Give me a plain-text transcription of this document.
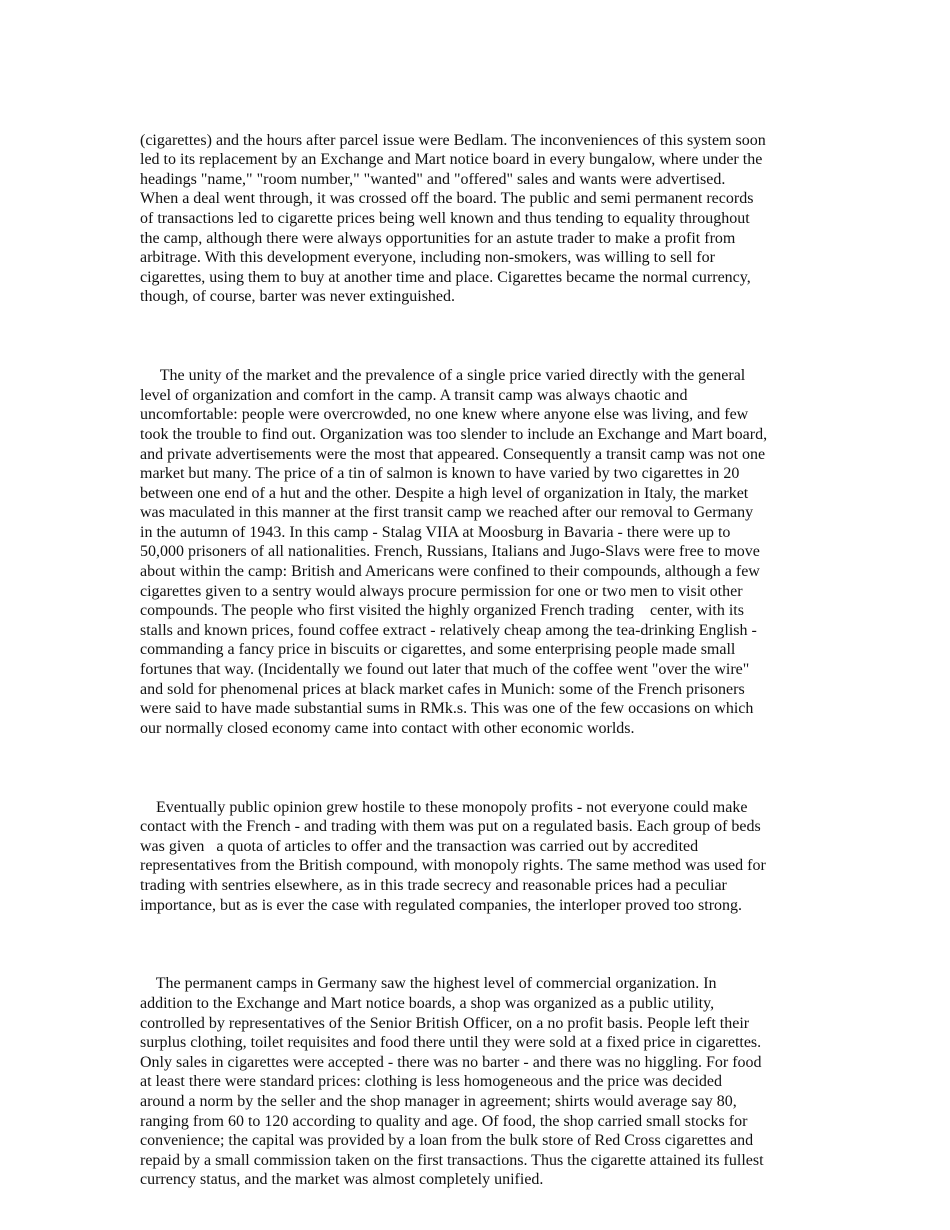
(cigarettes) and the hours after parcel issue were Bedlam. The inconveniences of this system soon
led to its replacement by an Exchange and Mart notice board in every bungalow, where under the
headings "name," "room number," "wanted" and "offered" sales and wants were advertised.
When a deal went through, it was crossed off the board. The public and semi permanent records
of transactions led to cigarette prices being well known and thus tending to equality throughout
the camp, although there were always opportunities for an astute trader to make a profit from
arbitrage. With this development everyone, including non-smokers, was willing to sell for
cigarettes, using them to buy at another time and place. Cigarettes became the normal currency,
though, of course, barter was never extinguished.

The unity of the market and the prevalence of a single price varied directly with the general
level of organization and comfort in the camp. A transit camp was always chaotic and
uncomfortable: people were overcrowded, no one knew where anyone else was living, and few
took the trouble to find out. Organization was too slender to include an Exchange and Mart board,
and private advertisements were the most that appeared. Consequently a transit camp was not one
market but many. The price of a tin of salmon is known to have varied by two cigarettes in 20
between one end of a hut and the other. Despite a high level of organization in Italy, the market
was maculated in this manner at the first transit camp we reached after our removal to Germany
in the autumn of 1943. In this camp - Stalag VIIA at Moosburg in Bavaria - there were up to
50,000 prisoners of all nationalities. French, Russians, Italians and Jugo-Slavs were free to move
about within the camp: British and Americans were confined to their compounds, although a few
cigarettes given to a sentry would always procure permission for one or two men to visit other
compounds. The people who first visited the highly organized French trading    center, with its
stalls and known prices, found coffee extract - relatively cheap among the tea-drinking English -
commanding a fancy price in biscuits or cigarettes, and some enterprising people made small
fortunes that way. (Incidentally we found out later that much of the coffee went "over the wire"
and sold for phenomenal prices at black market cafes in Munich: some of the French prisoners
were said to have made substantial sums in RMk.s. This was one of the few occasions on which
our normally closed economy came into contact with other economic worlds.

Eventually public opinion grew hostile to these monopoly profits - not everyone could make
contact with the French - and trading with them was put on a regulated basis. Each group of beds
was given   a quota of articles to offer and the transaction was carried out by accredited
representatives from the British compound, with monopoly rights. The same method was used for
trading with sentries elsewhere, as in this trade secrecy and reasonable prices had a peculiar
importance, but as is ever the case with regulated companies, the interloper proved too strong.

The permanent camps in Germany saw the highest level of commercial organization. In
addition to the Exchange and Mart notice boards, a shop was organized as a public utility,
controlled by representatives of the Senior British Officer, on a no profit basis. People left their
surplus clothing, toilet requisites and food there until they were sold at a fixed price in cigarettes.
Only sales in cigarettes were accepted - there was no barter - and there was no higgling. For food
at least there were standard prices: clothing is less homogeneous and the price was decided
around a norm by the seller and the shop manager in agreement; shirts would average say 80,
ranging from 60 to 120 according to quality and age. Of food, the shop carried small stocks for
convenience; the capital was provided by a loan from the bulk store of Red Cross cigarettes and
repaid by a small commission taken on the first transactions. Thus the cigarette attained its fullest
currency status, and the market was almost completely unified.
